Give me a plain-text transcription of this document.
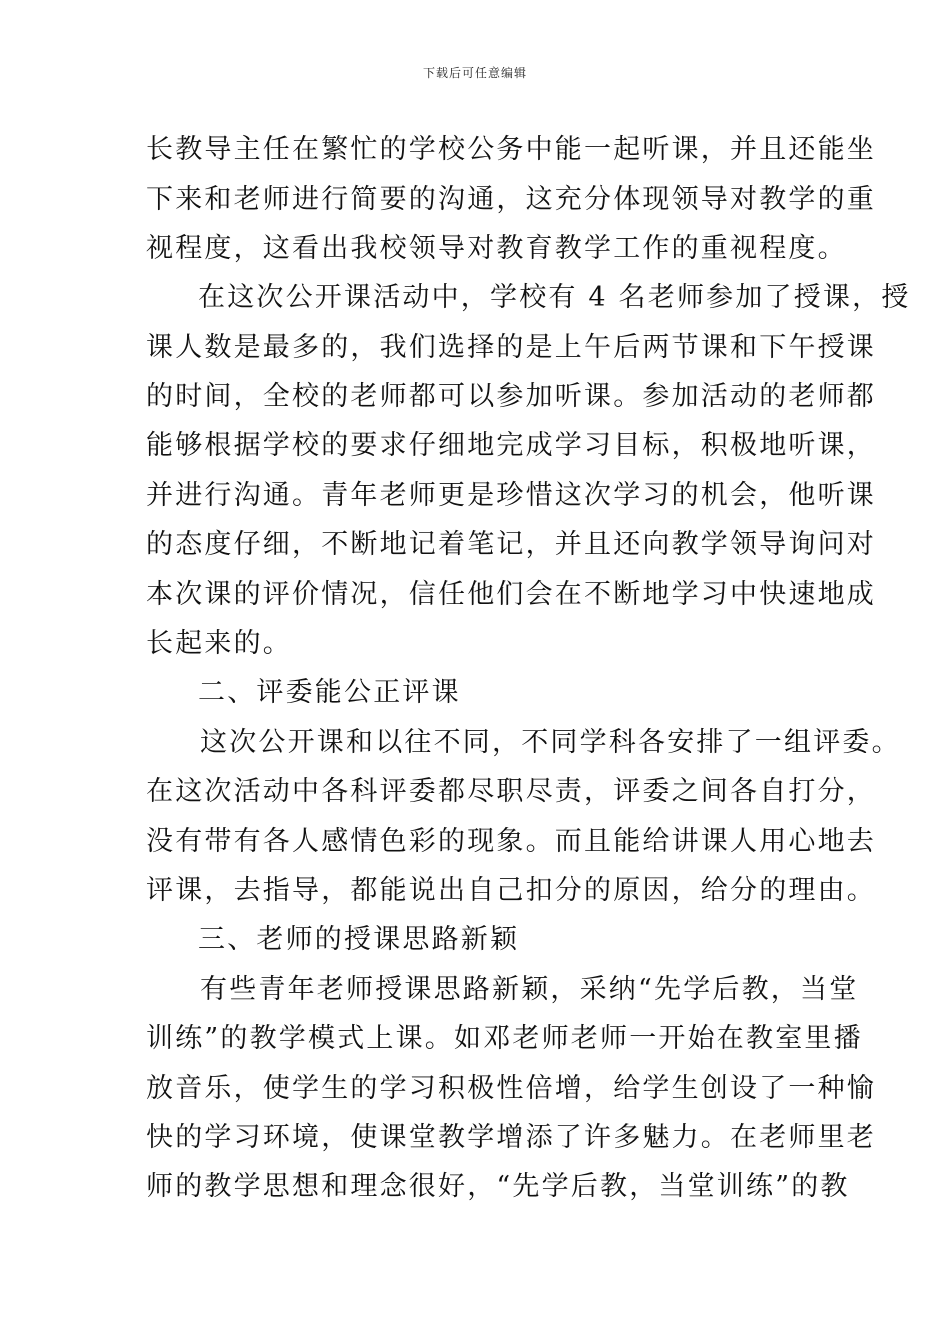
下载后可任意编辑
长教导主任在繁忙的学校公务中能一起听课，并且还能坐
下来和老师进行简要的沟通，这充分体现领导对教学的重
视程度，这看出我校领导对教育教学工作的重视程度。
在这次公开课活动中，学校有 4 名老师参加了授课，授
课人数是最多的，我们选择的是上午后两节课和下午授课
的时间，全校的老师都可以参加听课。参加活动的老师都
能够根据学校的要求仔细地完成学习目标，积极地听课，
并进行沟通。青年老师更是珍惜这次学习的机会，他听课
的态度仔细，不断地记着笔记，并且还向教学领导询问对
本次课的评价情况，信任他们会在不断地学习中快速地成
长起来的。
二、评委能公正评课
这次公开课和以往不同，不同学科各安排了一组评委。
在这次活动中各科评委都尽职尽责，评委之间各自打分，
没有带有各人感情色彩的现象。而且能给讲课人用心地去
评课，去指导，都能说出自己扣分的原因，给分的理由。
三、老师的授课思路新颖
有些青年老师授课思路新颖，采纳“先学后教，当堂
训练”的教学模式上课。如邓老师老师一开始在教室里播
放音乐，使学生的学习积极性倍增，给学生创设了一种愉
快的学习环境，使课堂教学增添了许多魅力。在老师里老
师的教学思想和理念很好，“先学后教，当堂训练”的教
